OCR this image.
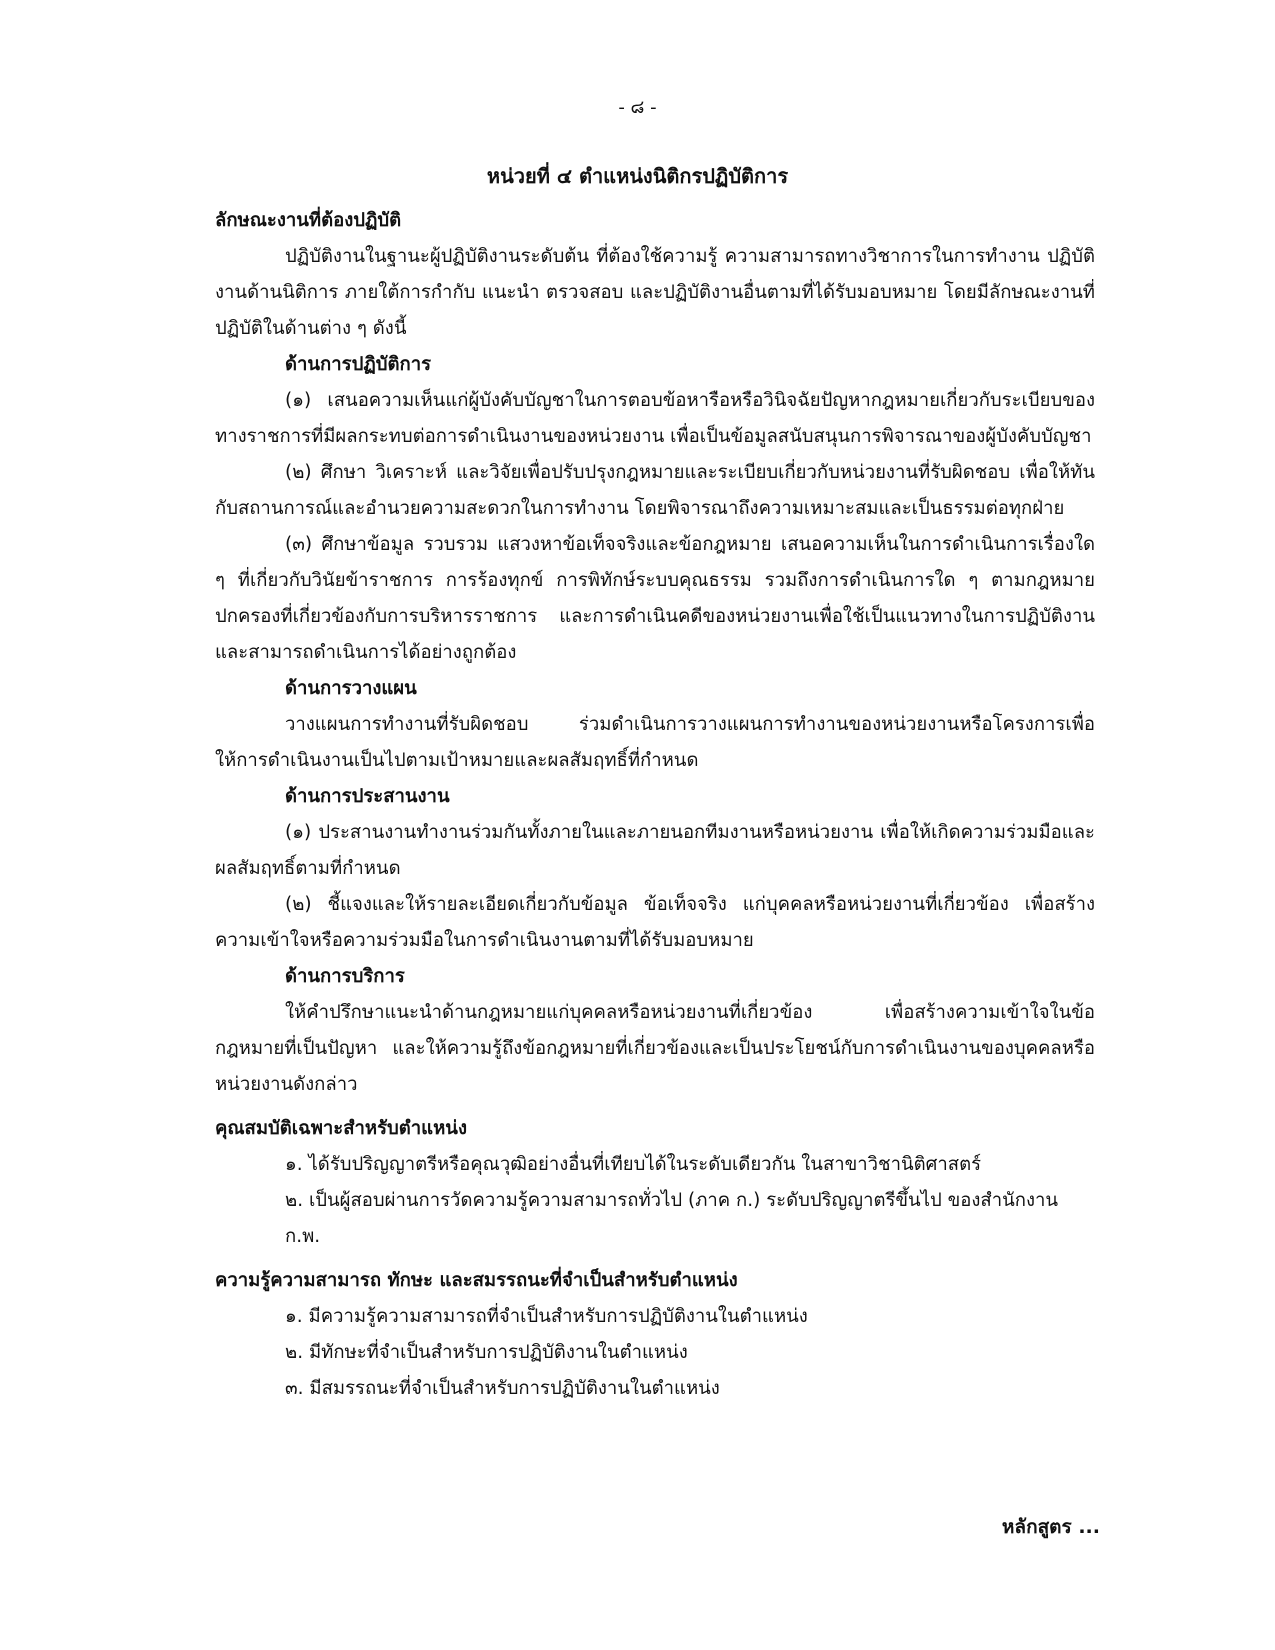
- ๘ -
หน่วยที่ ๔ ตำแหน่งนิติกรปฏิบัติการ

ลักษณะงานที่ต้องปฏิบัติ

ปฏิบัติงานในฐานะผู้ปฏิบัติงานระดับต้น ที่ต้องใช้ความรู้ ความสามารถทางวิชาการในการทำงาน ปฏิบัติงานด้านนิติการ ภายใต้การกำกับ แนะนำ ตรวจสอบ และปฏิบัติงานอื่นตามที่ได้รับมอบหมาย โดยมีลักษณะงานที่ปฏิบัติในด้านต่าง ๆ ดังนี้

ด้านการปฏิบัติการ

(๑) เสนอความเห็นแก่ผู้บังคับบัญชาในการตอบข้อหารือหรือวินิจฉัยปัญหากฎหมายเกี่ยวกับระเบียบของทางราชการที่มีผลกระทบต่อการดำเนินงานของหน่วยงาน เพื่อเป็นข้อมูลสนับสนุนการพิจารณาของผู้บังคับบัญชา

(๒) ศึกษา วิเคราะห์ และวิจัยเพื่อปรับปรุงกฎหมายและระเบียบเกี่ยวกับหน่วยงานที่รับผิดชอบ เพื่อให้ทันกับสถานการณ์และอำนวยความสะดวกในการทำงาน โดยพิจารณาถึงความเหมาะสมและเป็นธรรมต่อทุกฝ่าย

(๓) ศึกษาข้อมูล รวบรวม แสวงหาข้อเท็จจริงและข้อกฎหมาย เสนอความเห็นในการดำเนินการเรื่องใด ๆ ที่เกี่ยวกับวินัยข้าราชการ การร้องทุกข์ การพิทักษ์ระบบคุณธรรม รวมถึงการดำเนินการใด ๆ ตามกฎหมายปกครองที่เกี่ยวข้องกับการบริหารราชการ และการดำเนินคดีของหน่วยงานเพื่อใช้เป็นแนวทางในการปฏิบัติงาน และสามารถดำเนินการได้อย่างถูกต้อง

ด้านการวางแผน

วางแผนการทำงานที่รับผิดชอบ ร่วมดำเนินการวางแผนการทำงานของหน่วยงานหรือโครงการเพื่อให้การดำเนินงานเป็นไปตามเป้าหมายและผลสัมฤทธิ์ที่กำหนด

ด้านการประสานงาน

(๑) ประสานงานทำงานร่วมกันทั้งภายในและภายนอกทีมงานหรือหน่วยงาน เพื่อให้เกิดความร่วมมือและผลสัมฤทธิ์ตามที่กำหนด

(๒) ชี้แจงและให้รายละเอียดเกี่ยวกับข้อมูล ข้อเท็จจริง แก่บุคคลหรือหน่วยงานที่เกี่ยวข้อง เพื่อสร้างความเข้าใจหรือความร่วมมือในการดำเนินงานตามที่ได้รับมอบหมาย

ด้านการบริการ

ให้คำปรึกษาแนะนำด้านกฎหมายแก่บุคคลหรือหน่วยงานที่เกี่ยวข้อง เพื่อสร้างความเข้าใจในข้อกฎหมายที่เป็นปัญหา และให้ความรู้ถึงข้อกฎหมายที่เกี่ยวข้องและเป็นประโยชน์กับการดำเนินงานของบุคคลหรือหน่วยงานดังกล่าว

คุณสมบัติเฉพาะสำหรับตำแหน่ง

๑. ได้รับปริญญาตรีหรือคุณวุฒิอย่างอื่นที่เทียบได้ในระดับเดียวกัน ในสาขาวิชานิติศาสตร์

๒. เป็นผู้สอบผ่านการวัดความรู้ความสามารถทั่วไป (ภาค ก.) ระดับปริญญาตรีขึ้นไป ของสำนักงาน ก.พ.

ความรู้ความสามารถ ทักษะ และสมรรถนะที่จำเป็นสำหรับตำแหน่ง

๑. มีความรู้ความสามารถที่จำเป็นสำหรับการปฏิบัติงานในตำแหน่ง

๒. มีทักษะที่จำเป็นสำหรับการปฏิบัติงานในตำแหน่ง

๓. มีสมรรถนะที่จำเป็นสำหรับการปฏิบัติงานในตำแหน่ง

หลักสูตร ...
